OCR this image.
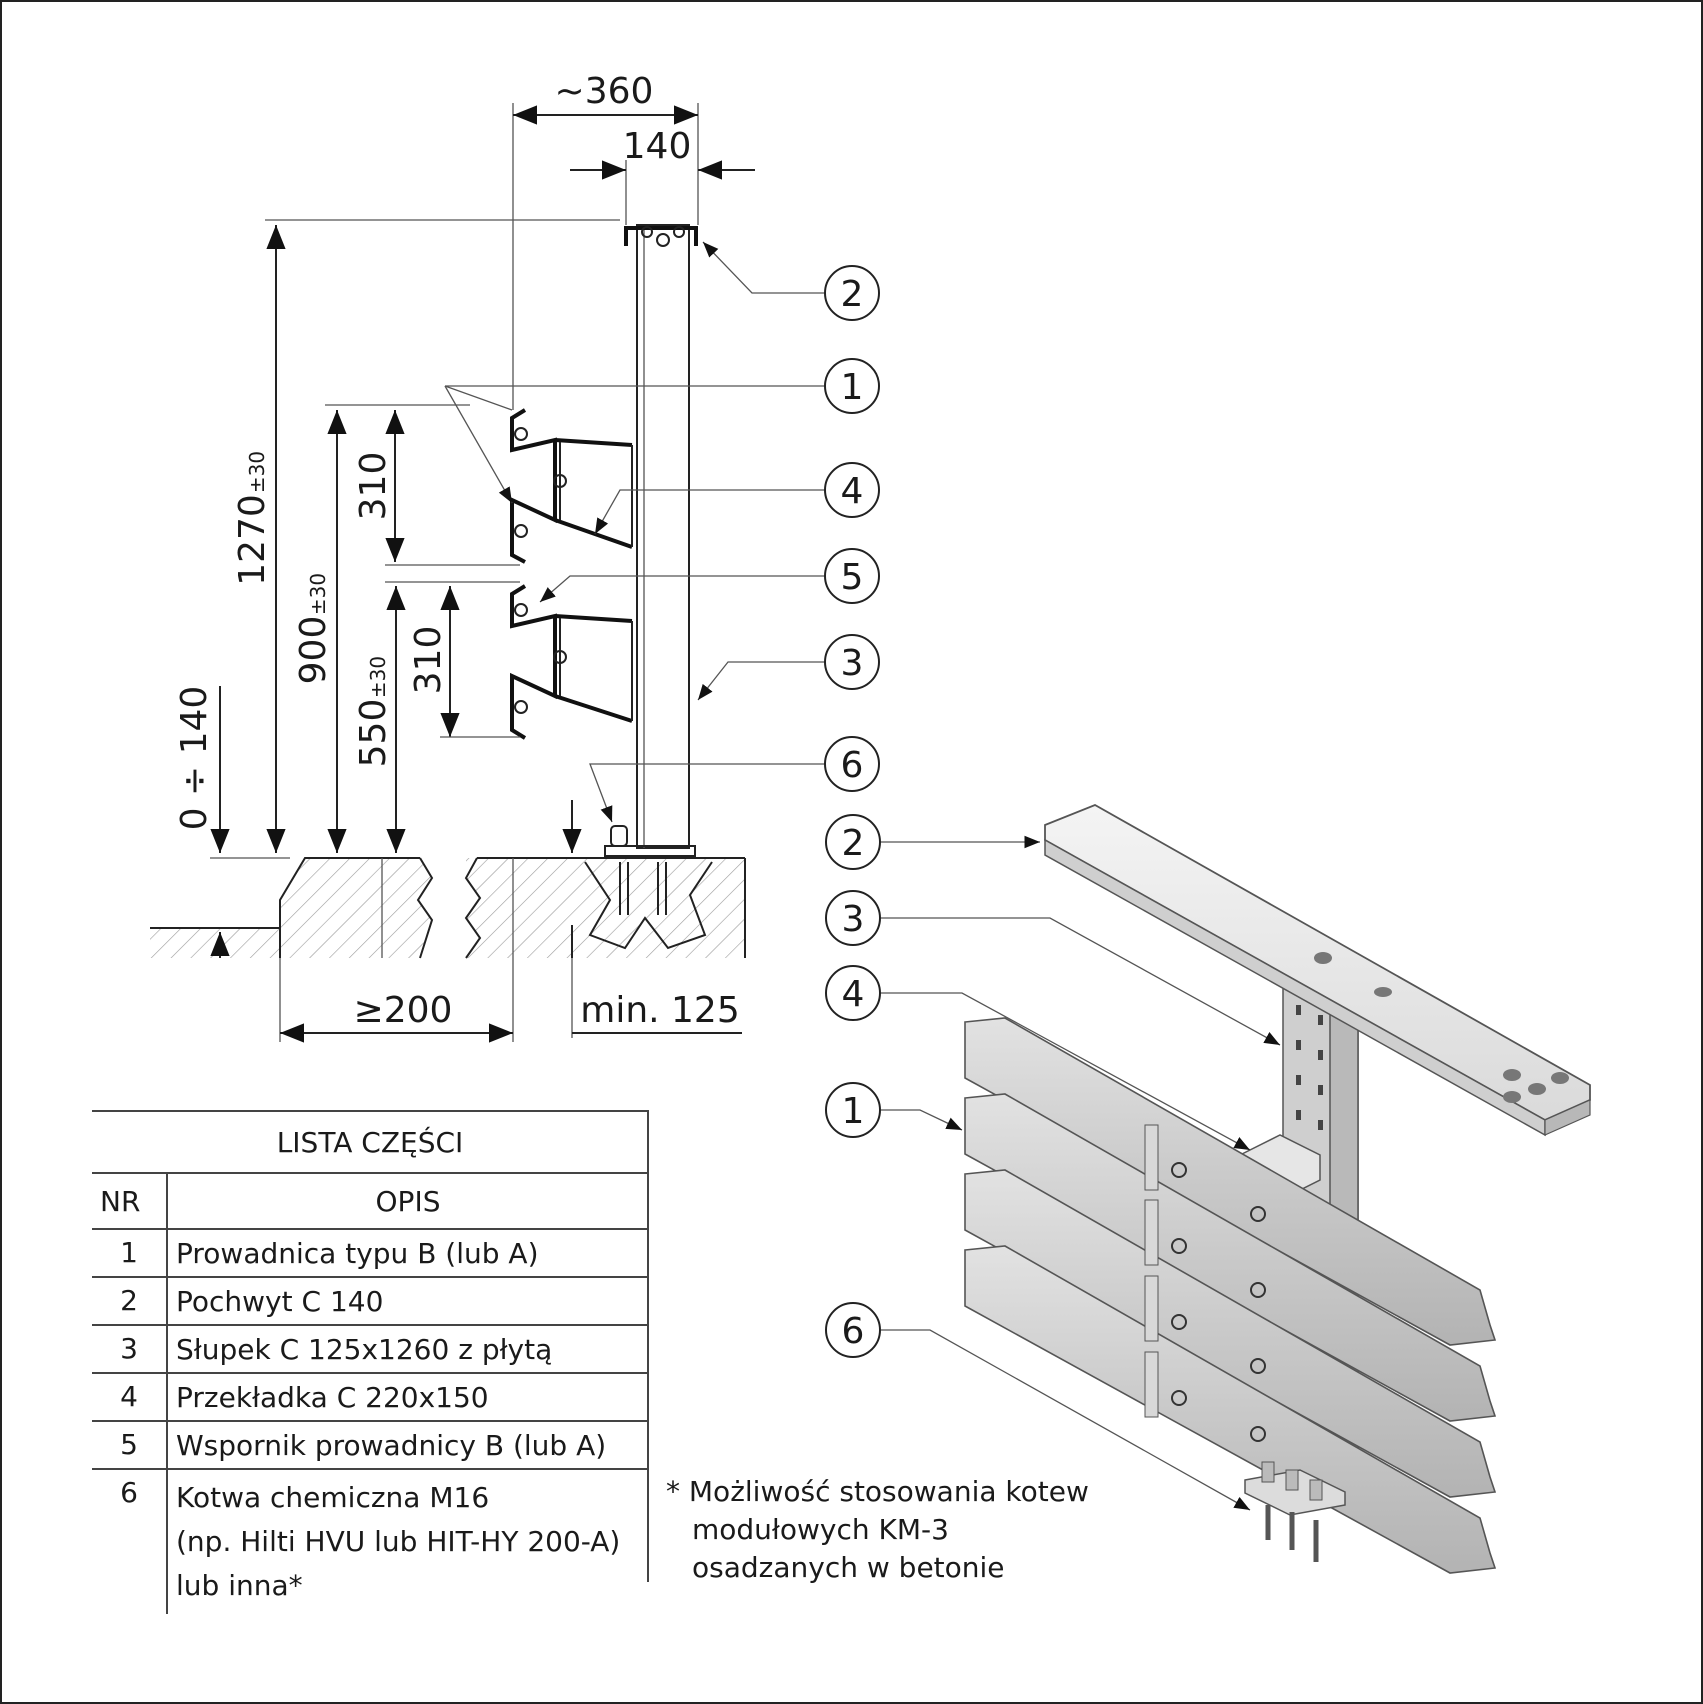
~360
140
1270
±30
900
±30
550
±30
310
310
0 ÷ 140
≥200	min. 125
2
1
4
5
3
6
2
3
4
1
6
LISTA CZĘŚCI	
NR	OPIS
1	Prowadnica typu B (lub A)
2	Pochwyt C 140
3	Słupek C 125x1260 z płytą
4	Przekładka C 220x150
5	Wspornik prowadnicy B (lub A)
6	Kotwa chemiczna M16
(np. Hilti HVU lub HIT-HY 200-A)
lub inna*
* Możliwość stosowania kotew
modułowych KM-3
osadzanych w betonie
